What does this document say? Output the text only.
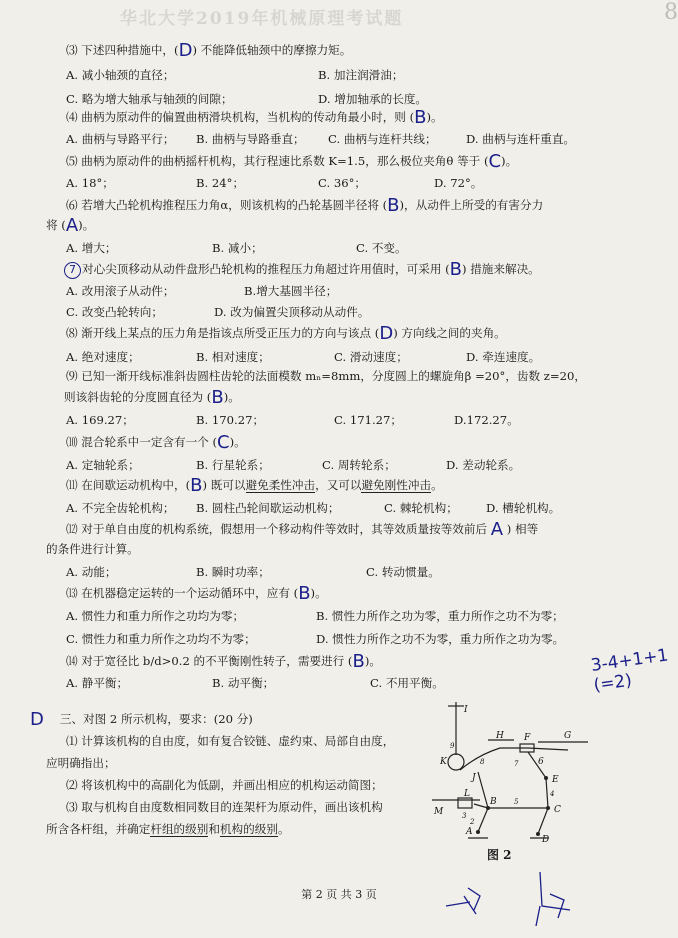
华北大学2019年机械原理考试题	8
⑶ 下述四种措施中，(D) 不能降低轴颈中的摩擦力矩。
A. 减小轴颈的直径；	B. 加注润滑油；
C. 略为增大轴承与轴颈的间隙；	D. 增加轴承的长度。
⑷ 曲柄为原动件的偏置曲柄滑块机构，当机构的传动角最小时，则 (B)。
A. 曲柄与导路平行； B. 曲柄与导路垂直； C. 曲柄与连杆共线；	D. 曲柄与连杆重直。
⑸ 曲柄为原动件的曲柄摇杆机构，其行程速比系数 K=1.5，那么极位夹角θ 等于 (C)。
A. 18°；	B. 24°；	C. 36°；	D. 72°。
⑹ 若增大凸轮机构推程压力角α，则该机构的凸轮基圆半径将 (B)，从动件上所受的有害分力
将 (A)。
A. 增大；	B. 减小；	C. 不变。
7 对心尖顶移动从动件盘形凸轮机构的推程压力角超过许用值时，可采用 (B) 措施来解决。
A. 改用滚子从动件；	B.增大基圆半径；
C. 改变凸轮转向；	D. 改为偏置尖顶移动从动件。
⑻ 渐开线上某点的压力角是指该点所受正压力的方向与该点 (D) 方向线之间的夹角。
A. 绝对速度；	B. 相对速度；	C. 滑动速度；	D. 牵连速度。
⑼ 已知一渐开线标准斜齿圆柱齿轮的法面模数 mₙ=8mm，分度圆上的螺旋角β =20°，齿数 z=20，
则该斜齿轮的分度圆直径为 (B)。
A. 169.27；	B. 170.27；	C. 171.27；	D.172.27。
⑽ 混合轮系中一定含有一个 (C)。
A. 定轴轮系；	B. 行星轮系；	C. 周转轮系；	D. 差动轮系。
⑾ 在间歇运动机构中，(B) 既可以避免柔性冲击，又可以避免刚性冲击。
A. 不完全齿轮机构； B. 圆柱凸轮间歇运动机构；	C. 棘轮机构； D. 槽轮机构。
⑿ 对于单自由度的机构系统，假想用一个移动构件等效时，其等效质量按等效前后 A ) 相等
的条件进行计算。
A. 动能；	B. 瞬时功率；	C. 转动惯量。
⒀ 在机器稳定运转的一个运动循环中，应有 (B)。
A. 惯性力和重力所作之功均为零；	B. 惯性力所作之功为零，重力所作之功不为零；
C. 惯性力和重力所作之功均不为零；	D. 惯性力所作之功不为零，重力所作之功为零。
⒁ 对于宽径比 b/d>0.2 的不平衡刚性转子，需要进行 (B)。
A. 静平衡；	B. 动平衡；	C. 不用平衡。
3-4+1+1 (=2)
D 三、对图 2 所示机构，要求：(20 分)
⑴ 计算该机构的自由度，如有复合铰链、虚约束、局部自由度，
应明确指出；
⑵ 将该机构中的高副化为低副，并画出相应的机构运动简图；
⑶ 取与机构自由度数相同数目的连架杆为原动件，画出该机构
所含各杆组，并确定杆组的级别和机构的级别。
I
H F	G
K
J
6
E
L
B
C
M
A
D
9
3
2
5
4
7
8
图 2
第 2 页 共 3 页
